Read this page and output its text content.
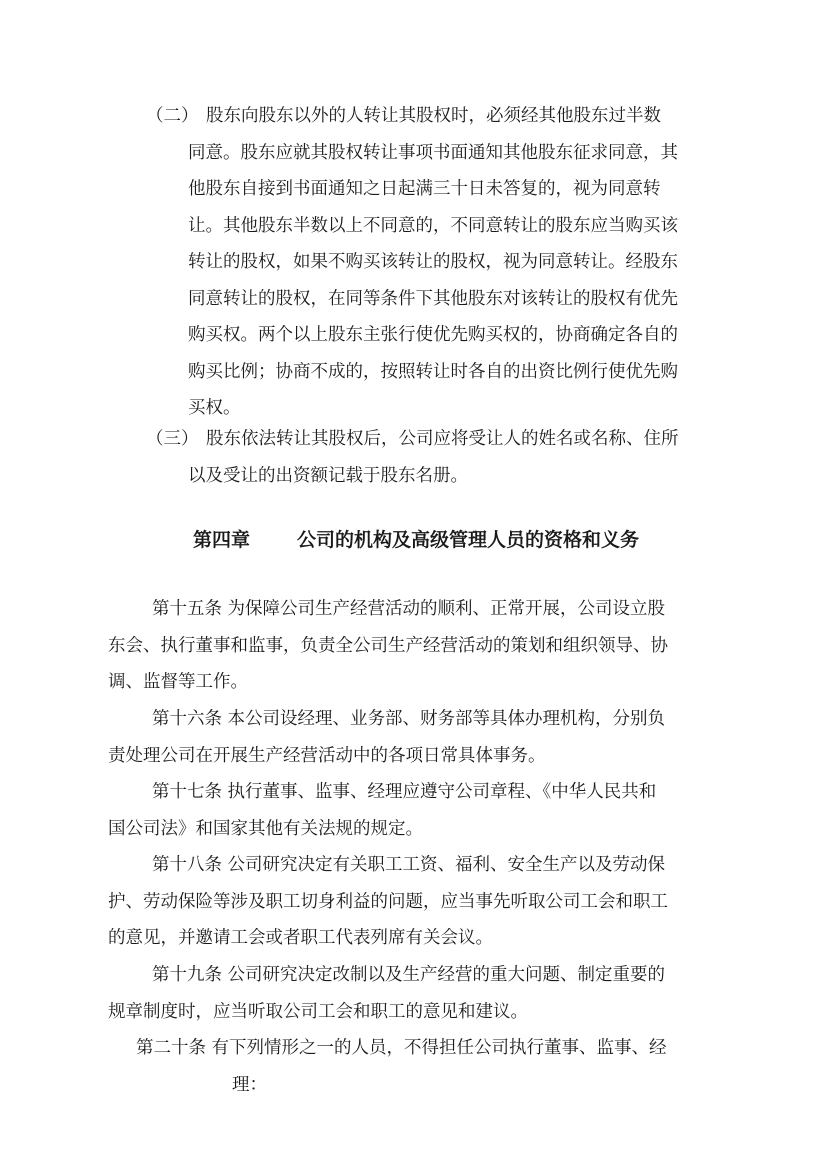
（二） 股东向股东以外的人转让其股权时，必须经其他股东过半数
同意。股东应就其股权转让事项书面通知其他股东征求同意，其
他股东自接到书面通知之日起满三十日未答复的，视为同意转
让。其他股东半数以上不同意的，不同意转让的股东应当购买该
转让的股权，如果不购买该转让的股权，视为同意转让。经股东
同意转让的股权，在同等条件下其他股东对该转让的股权有优先
购买权。两个以上股东主张行使优先购买权的，协商确定各自的
购买比例；协商不成的，按照转让时各自的出资比例行使优先购
买权。
（三） 股东依法转让其股权后，公司应将受让人的姓名或名称、住所
以及受让的出资额记载于股东名册。
第四章 公司的机构及高级管理人员的资格和义务
第十五条 为保障公司生产经营活动的顺利、正常开展，公司设立股
东会、执行董事和监事，负责全公司生产经营活动的策划和组织领导、协
调、监督等工作。
第十六条 本公司设经理、业务部、财务部等具体办理机构，分别负
责处理公司在开展生产经营活动中的各项日常具体事务。
第十七条 执行董事、监事、经理应遵守公司章程、《中华人民共和
国公司法》和国家其他有关法规的规定。
第十八条 公司研究决定有关职工工资、福利、安全生产以及劳动保
护、劳动保险等涉及职工切身利益的问题，应当事先听取公司工会和职工
的意见，并邀请工会或者职工代表列席有关会议。
第十九条 公司研究决定改制以及生产经营的重大问题、制定重要的
规章制度时，应当听取公司工会和职工的意见和建议。
第二十条 有下列情形之一的人员，不得担任公司执行董事、监事、经
理：
